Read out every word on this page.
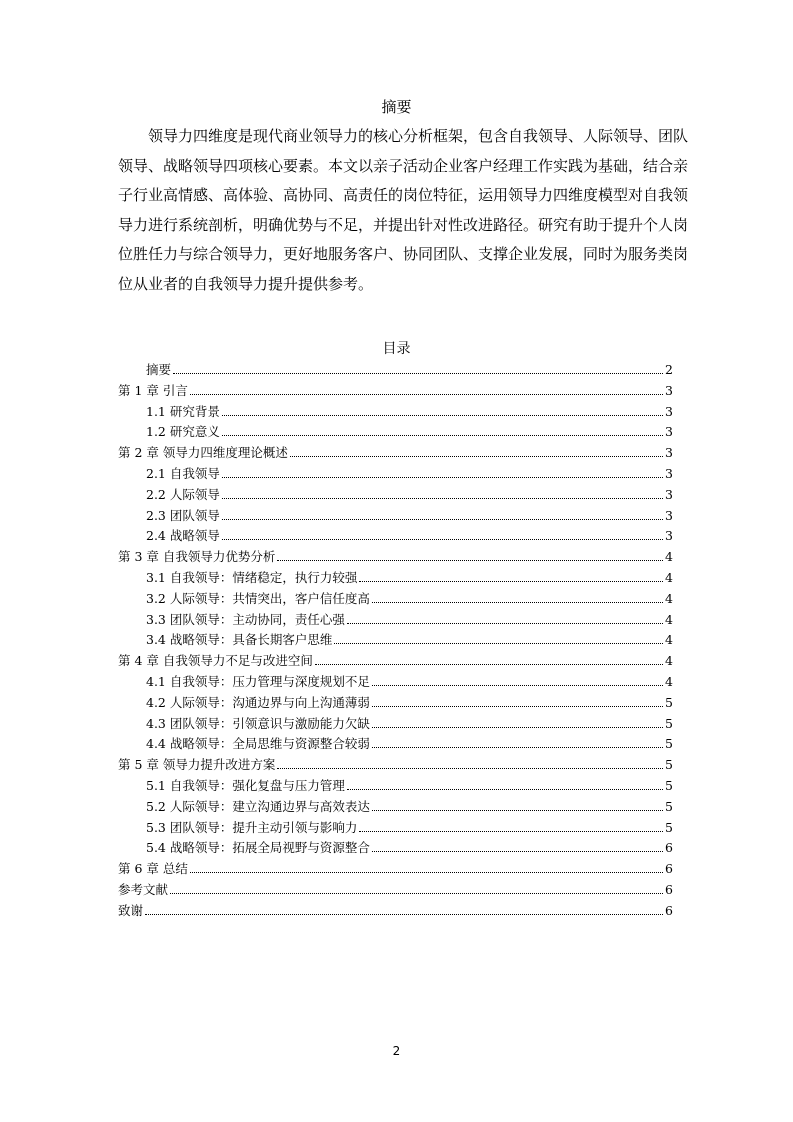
摘要

领导力四维度是现代商业领导力的核心分析框架，包含自我领导、人际领导、团队领导、战略领导四项核心要素。本文以亲子活动企业客户经理工作实践为基础，结合亲子行业高情感、高体验、高协同、高责任的岗位特征，运用领导力四维度模型对自我领导力进行系统剖析，明确优势与不足，并提出针对性改进路径。研究有助于提升个人岗位胜任力与综合领导力，更好地服务客户、协同团队、支撑企业发展，同时为服务类岗位从业者的自我领导力提升提供参考。

目录
摘要	2
第 1 章 引言	3
1.1 研究背景	3
1.2 研究意义	3
第 2 章 领导力四维度理论概述	3
2.1 自我领导	3
2.2 人际领导	3
2.3 团队领导	3
2.4 战略领导	3
第 3 章 自我领导力优势分析	4
3.1 自我领导：情绪稳定，执行力较强	4
3.2 人际领导：共情突出，客户信任度高	4
3.3 团队领导：主动协同，责任心强	4
3.4 战略领导：具备长期客户思维	4
第 4 章 自我领导力不足与改进空间	4
4.1 自我领导：压力管理与深度规划不足	4
4.2 人际领导：沟通边界与向上沟通薄弱	5
4.3 团队领导：引领意识与激励能力欠缺	5
4.4 战略领导：全局思维与资源整合较弱	5
第 5 章 领导力提升改进方案	5
5.1 自我领导：强化复盘与压力管理	5
5.2 人际领导：建立沟通边界与高效表达	5
5.3 团队领导：提升主动引领与影响力	5
5.4 战略领导：拓展全局视野与资源整合	6
第 6 章 总结	6
参考文献	6
致谢	6
2
